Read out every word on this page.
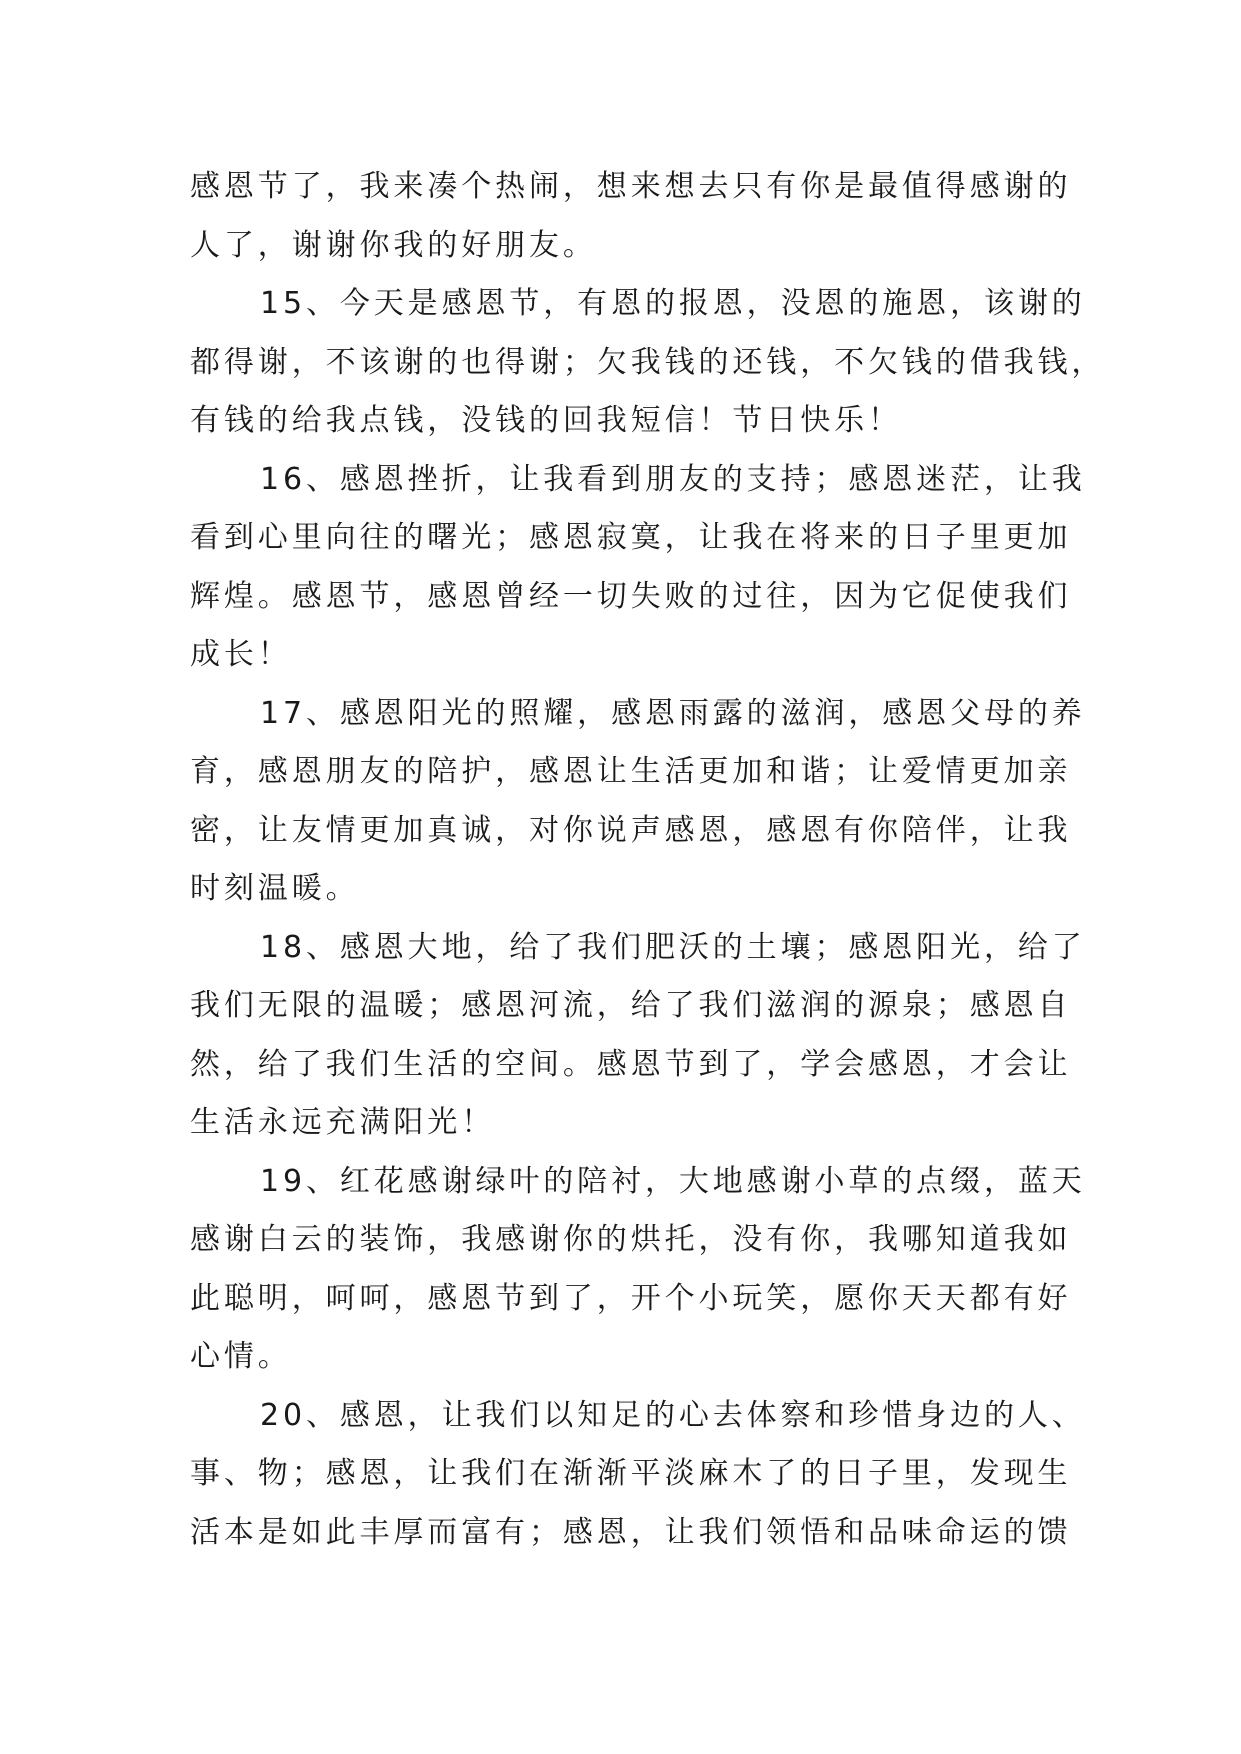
感恩节了，我来凑个热闹，想来想去只有你是最值得感谢的
人了，谢谢你我的好朋友。

15、今天是感恩节，有恩的报恩，没恩的施恩，该谢的
都得谢，不该谢的也得谢；欠我钱的还钱，不欠钱的借我钱，
有钱的给我点钱，没钱的回我短信！节日快乐！

16、感恩挫折，让我看到朋友的支持；感恩迷茫，让我
看到心里向往的曙光；感恩寂寞，让我在将来的日子里更加
辉煌。感恩节，感恩曾经一切失败的过往，因为它促使我们
成长！

17、感恩阳光的照耀，感恩雨露的滋润，感恩父母的养
育，感恩朋友的陪护，感恩让生活更加和谐；让爱情更加亲
密，让友情更加真诚，对你说声感恩，感恩有你陪伴，让我
时刻温暖。

18、感恩大地，给了我们肥沃的土壤；感恩阳光，给了
我们无限的温暖；感恩河流，给了我们滋润的源泉；感恩自
然，给了我们生活的空间。感恩节到了，学会感恩，才会让
生活永远充满阳光！

19、红花感谢绿叶的陪衬，大地感谢小草的点缀，蓝天
感谢白云的装饰，我感谢你的烘托，没有你，我哪知道我如
此聪明，呵呵，感恩节到了，开个小玩笑，愿你天天都有好
心情。

20、感恩，让我们以知足的心去体察和珍惜身边的人、
事、物；感恩，让我们在渐渐平淡麻木了的日子里，发现生
活本是如此丰厚而富有；感恩，让我们领悟和品味命运的馈
